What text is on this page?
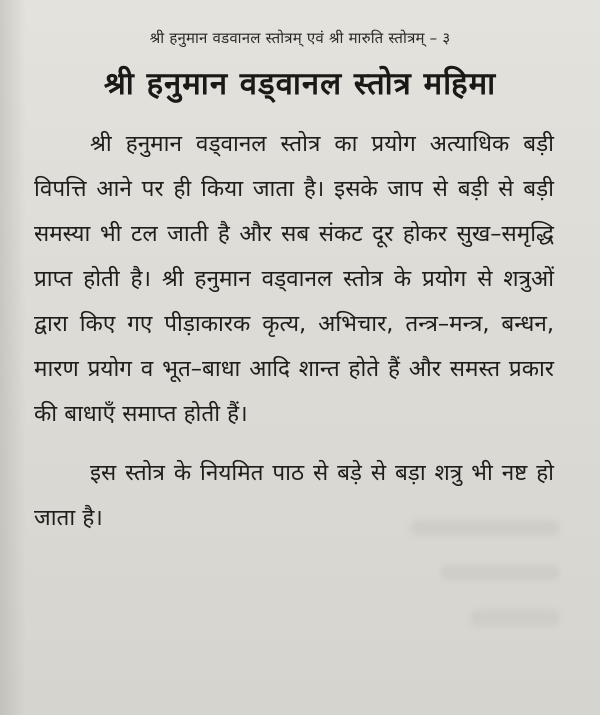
श्री हनुमान वडवानल स्तोत्रम् एवं श्री मारुति स्तोत्रम् – ३
श्री हनुमान वड्वानल स्तोत्र महिमा

श्री हनुमान वड्वानल स्तोत्र का प्रयोग अत्याधिक बड़ी विपत्ति आने पर ही किया जाता है। इसके जाप से बड़ी से बड़ी समस्या भी टल जाती है और सब संकट दूर होकर सुख–समृद्धि प्राप्त होती है। श्री हनुमान वड्वानल स्तोत्र के प्रयोग से शत्रुओं द्वारा किए गए पीड़ाकारक कृत्य, अभिचार, तन्त्र–मन्त्र, बन्धन, मारण प्रयोग व भूत–बाधा आदि शान्त होते हैं और समस्त प्रकार की बाधाएँ समाप्त होती हैं।

इस स्तोत्र के नियमित पाठ से बड़े से बड़ा शत्रु भी नष्ट हो जाता है।
